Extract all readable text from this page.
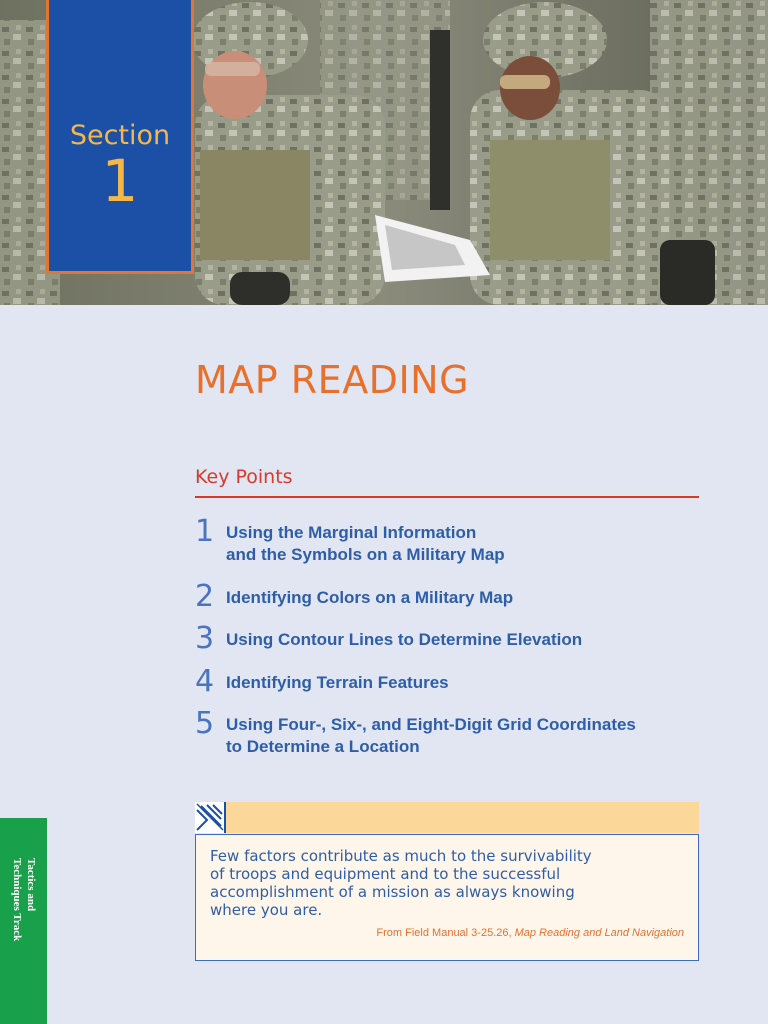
Section
1
MAP READING
Key Points
1 Using the Marginal Information
and the Symbols on a Military Map
2 Identifying Colors on a Military Map
3 Using Contour Lines to Determine Elevation
4 Identifying Terrain Features
5 Using Four-, Six-, and Eight-Digit Grid Coordinates
to Determine a Location
Few factors contribute as much to the survivability
of troops and equipment and to the successful
accomplishment of a mission as always knowing
where you are.
From Field Manual 3-25.26, Map Reading and Land Navigation
Tactics and
Techniques Track
